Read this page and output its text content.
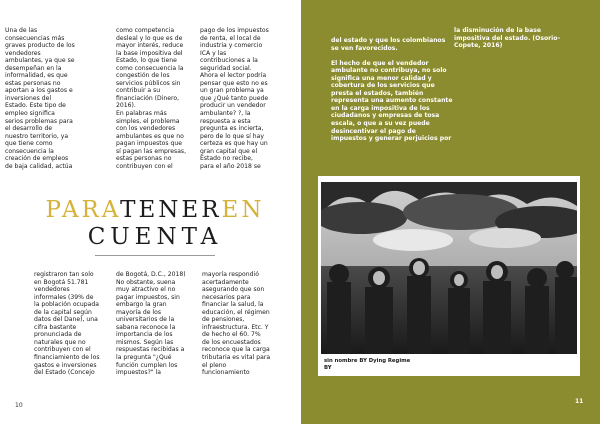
Una de las
consecuencias más
graves producto de los
vendedores
ambulantes, ya que se
desempeñan en la
informalidad, es que
estas personas no
aportan a los gastos e
inversiones del
Estado. Este tipo de
empleo significa
serios problemas para
el desarrollo de
nuestro territorio, ya
que tiene como
consecuencia la
creación de empleos
de baja calidad, actúa
como competencia
desleal y lo que es de
mayor interés, reduce
la base impositiva del
Estado, lo que tiene
como consecuencia la
congestión de los
servicios públicos sin
contribuir a su
financiación (Dinero,
2016).
En palabras más
simples, el problema
con los vendedores
ambulantes es que no
pagan impuestos que
sí pagan las empresas,
estas personas no
contribuyen con el
pago de los impuestos
de renta, el local de
industria y comercio
ICA y las
contribuciones a la
seguridad social.
Ahora el lector podría
pensar que esto no es
un gran problema ya
que ¿Qué tanto puede
producir un vendedor
ambulante? ?, la
respuesta a esta
pregunta es incierta,
pero de lo que sí hay
certeza es que hay un
gran capital que el
Estado no recibe,
para el año 2018 se
PARATENEREN
CUENTA
registraron tan solo
en Bogotá 51.781
vendedores
informales (39% de
la población ocupada
de la capital según
datos del Dane), una
cifra bastante
pronunciada de
naturales que no
contribuyen con el
financiamiento de los
gastos e inversiones
del Estado (Concejo
de Bogotá, D.C., 2018)
No obstante, suena
muy atractivo el no
pagar impuestos, sin
embargo la gran
mayoría de los
universitarios de la
sabana reconoce la
importancia de los
mismos. Según las
respuestas recibidas a
la pregunta "¿Qué
función cumplen los
impuestos?" la
mayoría respondió
acertadamente
asegurando que son
necesarios para
financiar la salud, la
educación, el régimen
de pensiones,
infraestructura. Etc. Y
de hecho el 60. 7%
de los encuestados
reconoce que la carga
tributaria es vital para
el pleno
funcionamiento
10
del estado y que los colombianos
se ven favorecidos.

El hecho de que el vendedor
ambulante no contribuya, no solo
significa una menor calidad y
cobertura de los servicios que
presta el estados, también
representa una aumento constante
en la carga impositiva de los
ciudadanos y empresas de tosa
escala, o que a su vez puede
desincentivar el pago de
impuestos y generar perjuicios por
la disminución de la base
impositiva del estado. (Osorio-
Copete, 2016)
sin nombre BY Dying Regime
BY
11
